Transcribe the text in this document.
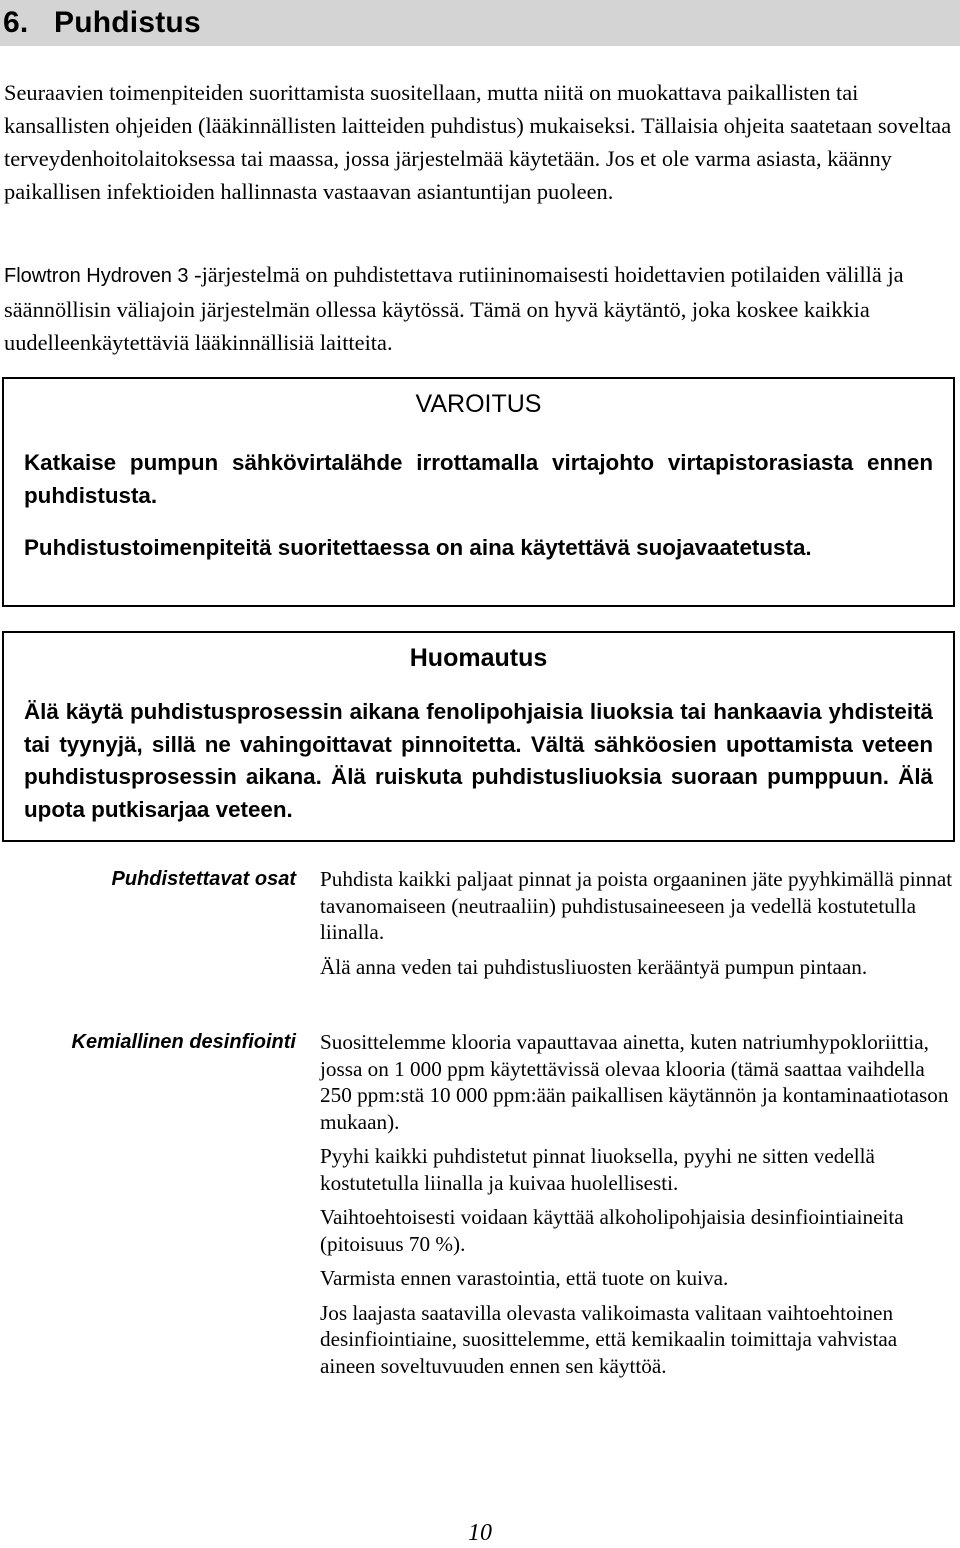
6.   Puhdistus

Seuraavien toimenpiteiden suorittamista suositellaan, mutta niitä on muokattava paikallisten tai kansallisten ohjeiden (lääkinnällisten laitteiden puhdistus) mukaiseksi. Tällaisia ohjeita saatetaan soveltaa terveydenhoitolaitoksessa tai maassa, jossa järjestelmää käytetään. Jos et ole varma asiasta, käänny paikallisen infektioiden hallinnasta vastaavan asiantuntijan puoleen.

Flowtron Hydroven 3 -järjestelmä on puhdistettava rutiininomaisesti hoidettavien potilaiden välillä ja säännöllisin väliajoin järjestelmän ollessa käytössä. Tämä on hyvä käytäntö, joka koskee kaikkia uudelleenkäytettäviä lääkinnällisiä laitteita.

VAROITUS

Katkaise pumpun sähkövirtalähde irrottamalla virtajohto virtapistorasiasta ennen puhdistusta.

Puhdistustoimenpiteitä suoritettaessa on aina käytettävä suojavaatetusta.

Huomautus

Älä käytä puhdistusprosessin aikana fenolipohjaisia liuoksia tai hankaavia yhdisteitä tai tyynyjä, sillä ne vahingoittavat pinnoitetta. Vältä sähköosien upottamista veteen puhdistusprosessin aikana. Älä ruiskuta puhdistusliuoksia suoraan pumppuun. Älä upota putkisarjaa veteen.

Puhdistettavat osat Puhdista kaikki paljaat pinnat ja poista orgaaninen jäte pyyhkimällä pinnat tavanomaiseen (neutraaliin) puhdistusaineeseen ja vedellä kostutetulla liinalla.

Älä anna veden tai puhdistusliuosten kerääntyä pumpun pintaan.

Kemiallinen desinfiointi Suosittelemme klooria vapauttavaa ainetta, kuten natriumhypokloriittia, jossa on 1 000 ppm käytettävissä olevaa klooria (tämä saattaa vaihdella 250 ppm:stä 10 000 ppm:ään paikallisen käytännön ja kontaminaatiotason mukaan).

Pyyhi kaikki puhdistetut pinnat liuoksella, pyyhi ne sitten vedellä kostutetulla liinalla ja kuivaa huolellisesti.

Vaihtoehtoisesti voidaan käyttää alkoholipohjaisia desinfiointiaineita (pitoisuus 70 %).

Varmista ennen varastointia, että tuote on kuiva.

Jos laajasta saatavilla olevasta valikoimasta valitaan vaihtoehtoinen desinfiointiaine, suosittelemme, että kemikaalin toimittaja vahvistaa aineen soveltuvuuden ennen sen käyttöä.

10
